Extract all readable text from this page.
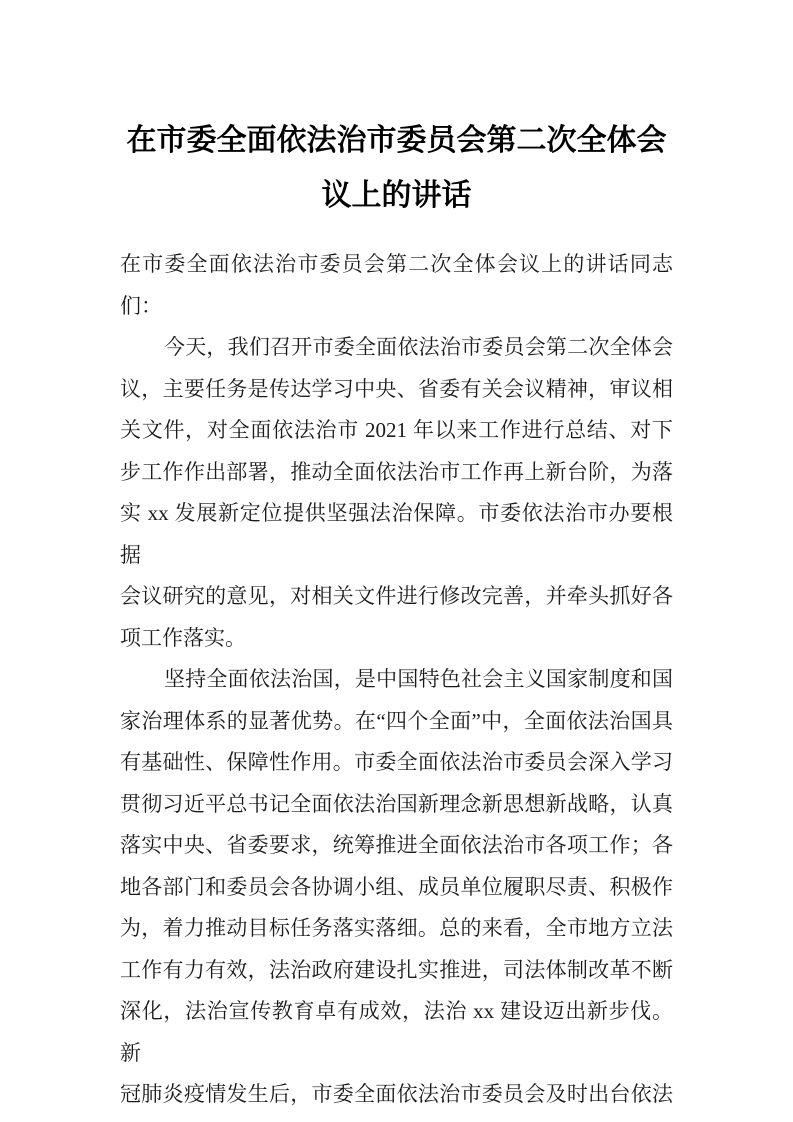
在市委全面依法治市委员会第二次全体会
议上的讲话

在市委全面依法治市委员会第二次全体会议上的讲话同志

们：

今天，我们召开市委全面依法治市委员会第二次全体会

议，主要任务是传达学习中央、省委有关会议精神，审议相

关文件，对全面依法治市 2021 年以来工作进行总结、对下

步工作作出部署，推动全面依法治市工作再上新台阶，为落

实 xx 发展新定位提供坚强法治保障。市委依法治市办要根据

会议研究的意见，对相关文件进行修改完善，并牵头抓好各

项工作落实。

坚持全面依法治国，是中国特色社会主义国家制度和国

家治理体系的显著优势。在“四个全面”中，全面依法治国具

有基础性、保障性作用。市委全面依法治市委员会深入学习

贯彻习近平总书记全面依法治国新理念新思想新战略，认真

落实中央、省委要求，统筹推进全面依法治市各项工作；各

地各部门和委员会各协调小组、成员单位履职尽责、积极作

为，着力推动目标任务落实落细。总的来看，全市地方立法

工作有力有效，法治政府建设扎实推进，司法体制改革不断

深化，法治宣传教育卓有成效，法治 xx 建设迈出新步伐。新

冠肺炎疫情发生后，市委全面依法治市委员会及时出台依法
